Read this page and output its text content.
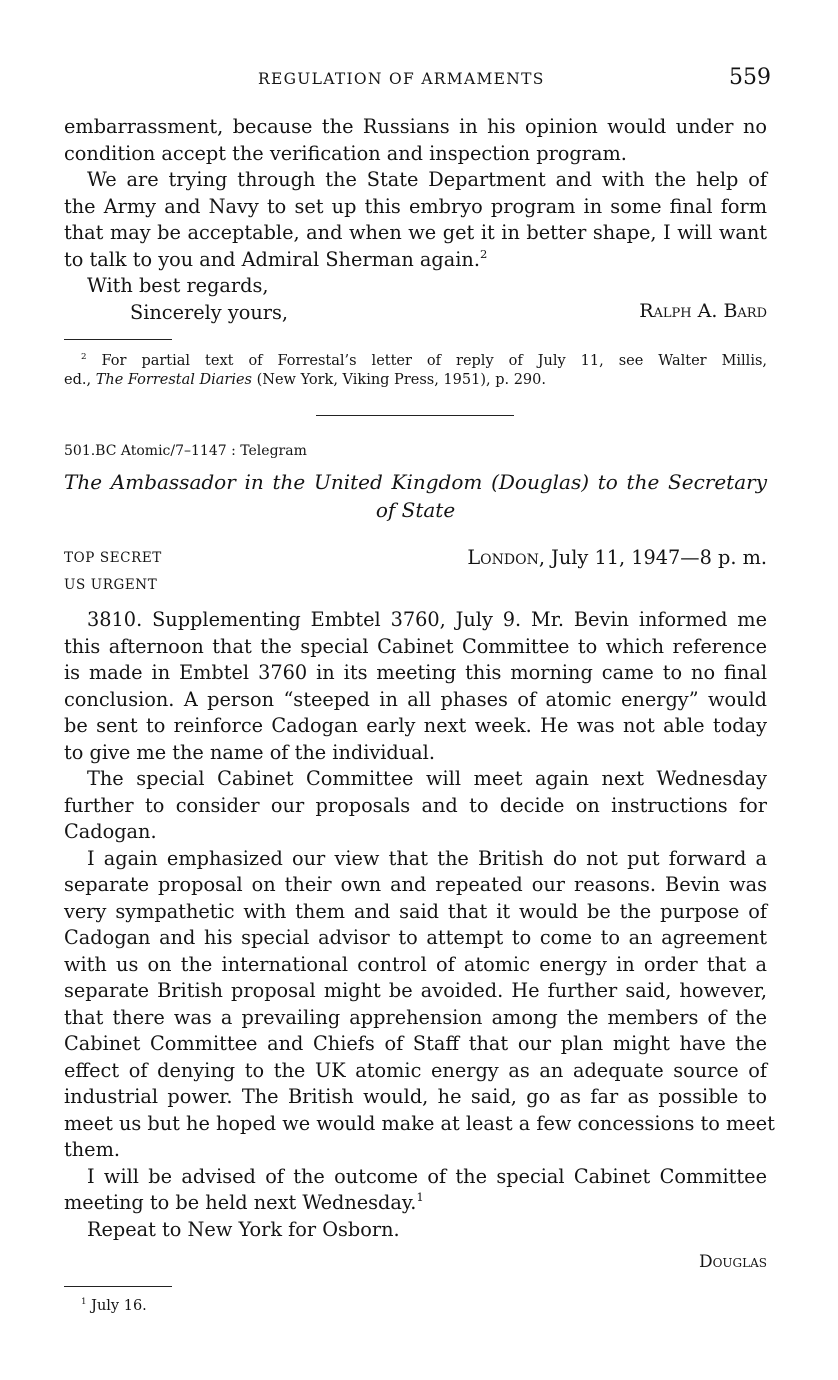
REGULATION OF ARMAMENTS	559
embarrassment, because the Russians in his opinion would under no
condition accept the verification and inspection program.
We are trying through the State Department and with the help of
the Army and Navy to set up this embryo program in some final form
that may be acceptable, and when we get it in better shape, I will want
to talk to you and Admiral Sherman again.$^2$
With best regards,
Sincerely yours,	Ralph A. Bard
$^2$ For partial text of Forrestal’s letter of reply of July 11, see Walter Millis,
ed., The Forrestal Diaries (New York, Viking Press, 1951), p. 290.
501.BC Atomic/7–1147 : Telegram
The Ambassador in the United Kingdom (Douglas) to the Secretary
of State
TOP SECRET
US URGENT
London, July 11, 1947—8 p. m.
3810. Supplementing Embtel 3760, July 9. Mr. Bevin informed me
this afternoon that the special Cabinet Committee to which reference
is made in Embtel 3760 in its meeting this morning came to no final
conclusion. A person “steeped in all phases of atomic energy” would
be sent to reinforce Cadogan early next week. He was not able today
to give me the name of the individual.
The special Cabinet Committee will meet again next Wednesday
further to consider our proposals and to decide on instructions for
Cadogan.
I again emphasized our view that the British do not put forward a
separate proposal on their own and repeated our reasons. Bevin was
very sympathetic with them and said that it would be the purpose of
Cadogan and his special advisor to attempt to come to an agreement
with us on the international control of atomic energy in order that a
separate British proposal might be avoided. He further said, however,
that there was a prevailing apprehension among the members of the
Cabinet Committee and Chiefs of Staff that our plan might have the
effect of denying to the UK atomic energy as an adequate source of
industrial power. The British would, he said, go as far as possible to
meet us but he hoped we would make at least a few concessions to meet
them.
I will be advised of the outcome of the special Cabinet Committee
meeting to be held next Wednesday.$^1$
Repeat to New York for Osborn.
Douglas
$^1$ July 16.
